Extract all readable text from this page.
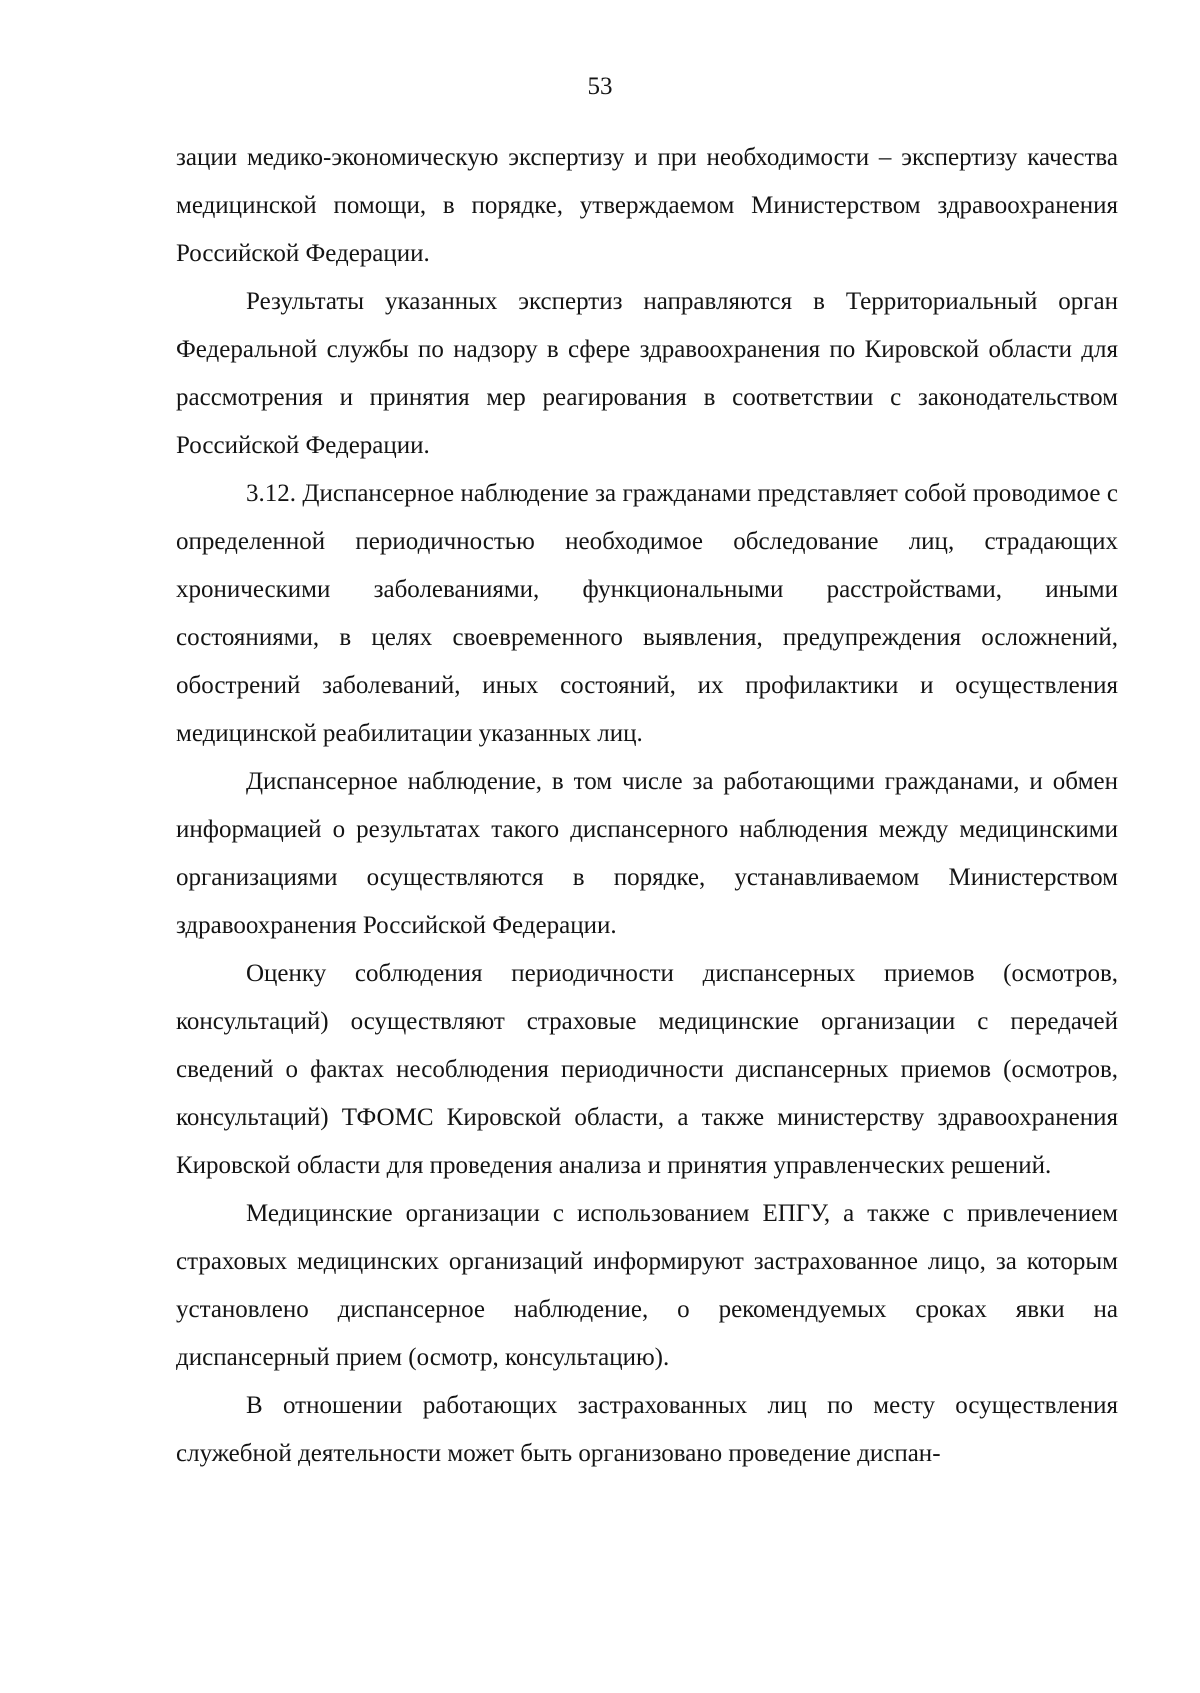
53

зации медико-экономическую экспертизу и при необходимости – экспертизу качества медицинской помощи, в порядке, утверждаемом Министерством здравоохранения Российской Федерации.

Результаты указанных экспертиз направляются в Территориальный орган Федеральной службы по надзору в сфере здравоохранения по Кировской области для рассмотрения и принятия мер реагирования в соответствии с законодательством Российской Федерации.

3.12. Диспансерное наблюдение за гражданами представляет собой проводимое с определенной периодичностью необходимое обследование лиц, страдающих хроническими заболеваниями, функциональными расстройствами, иными состояниями, в целях своевременного выявления, предупреждения осложнений, обострений заболеваний, иных состояний, их профилактики и осуществления медицинской реабилитации указанных лиц.

Диспансерное наблюдение, в том числе за работающими гражданами, и обмен информацией о результатах такого диспансерного наблюдения между медицинскими организациями осуществляются в порядке, устанавливаемом Министерством здравоохранения Российской Федерации.

Оценку соблюдения периодичности диспансерных приемов (осмотров, консультаций) осуществляют страховые медицинские организации с передачей сведений о фактах несоблюдения периодичности диспансерных приемов (осмотров, консультаций) ТФОМС Кировской области, а также министерству здравоохранения Кировской области для проведения анализа и принятия управленческих решений.

Медицинские организации с использованием ЕПГУ, а также с привлечением страховых медицинских организаций информируют застрахованное лицо, за которым установлено диспансерное наблюдение, о рекомендуемых сроках явки на диспансерный прием (осмотр, консультацию).

В отношении работающих застрахованных лиц по месту осуществления служебной деятельности может быть организовано проведение диспан-
